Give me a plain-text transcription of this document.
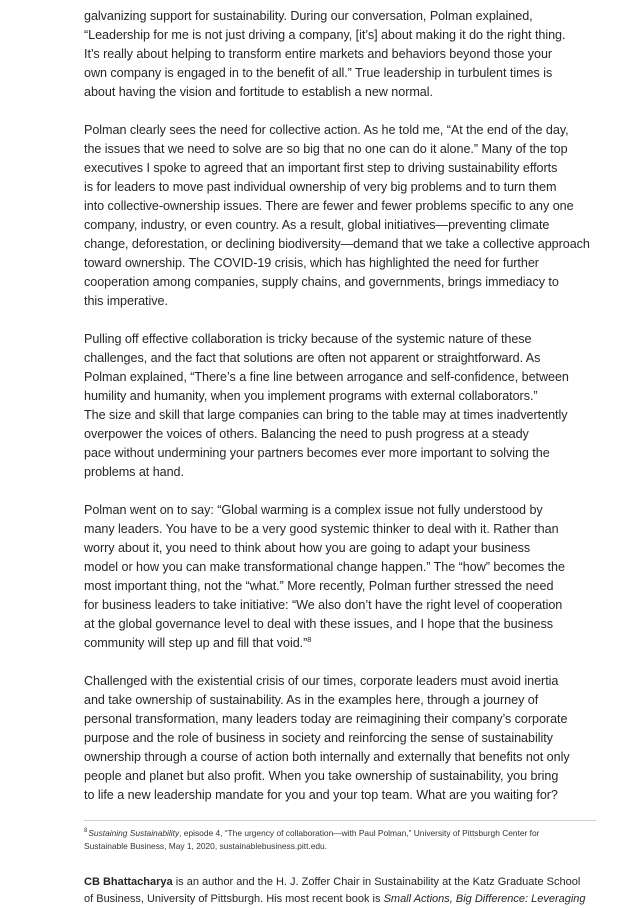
galvanizing support for sustainability. During our conversation, Polman explained,
“Leadership for me is not just driving a company, [it’s] about making it do the right thing.
It’s really about helping to transform entire markets and behaviors beyond those your
own company is engaged in to the benefit of all.” True leadership in turbulent times is
about having the vision and fortitude to establish a new normal.

Polman clearly sees the need for collective action. As he told me, “At the end of the day,
the issues that we need to solve are so big that no one can do it alone.” Many of the top
executives I spoke to agreed that an important first step to driving sustainability efforts
is for leaders to move past individual ownership of very big problems and to turn them
into collective-ownership issues. There are fewer and fewer problems specific to any one
company, industry, or even country. As a result, global initiatives—preventing climate
change, deforestation, or declining biodiversity—demand that we take a collective approach
toward ownership. The COVID-19 crisis, which has highlighted the need for further
cooperation among companies, supply chains, and governments, brings immediacy to
this imperative.

Pulling off effective collaboration is tricky because of the systemic nature of these
challenges, and the fact that solutions are often not apparent or straightforward. As
Polman explained, “There’s a fine line between arrogance and self-confidence, between
humility and humanity, when you implement programs with external collaborators.”
The size and skill that large companies can bring to the table may at times inadvertently
overpower the voices of others. Balancing the need to push progress at a steady
pace without undermining your partners becomes ever more important to solving the
problems at hand.

Polman went on to say: “Global warming is a complex issue not fully understood by
many leaders. You have to be a very good systemic thinker to deal with it. Rather than
worry about it, you need to think about how you are going to adapt your business
model or how you can make transformational change happen.” The “how” becomes the
most important thing, not the “what.” More recently, Polman further stressed the need
for business leaders to take initiative: “We also don’t have the right level of cooperation
at the global governance level to deal with these issues, and I hope that the business
community will step up and fill that void.”$^8$

Challenged with the existential crisis of our times, corporate leaders must avoid inertia
and take ownership of sustainability. As in the examples here, through a journey of
personal transformation, many leaders today are reimagining their company’s corporate
purpose and the role of business in society and reinforcing the sense of sustainability
ownership through a course of action both internally and externally that benefits not only
people and planet but also profit. When you take ownership of sustainability, you bring
to life a new leadership mandate for you and your top team. What are you waiting for?

$^8$Sustaining Sustainability, episode 4, “The urgency of collaboration—with Paul Polman,” University of Pittsburgh Center for
Sustainable Business, May 1, 2020, sustainablebusiness.pitt.edu.
CB Bhattacharya is an author and the H. J. Zoffer Chair in Sustainability at the Katz Graduate School
of Business, University of Pittsburgh. His most recent book is Small Actions, Big Difference: Leveraging
